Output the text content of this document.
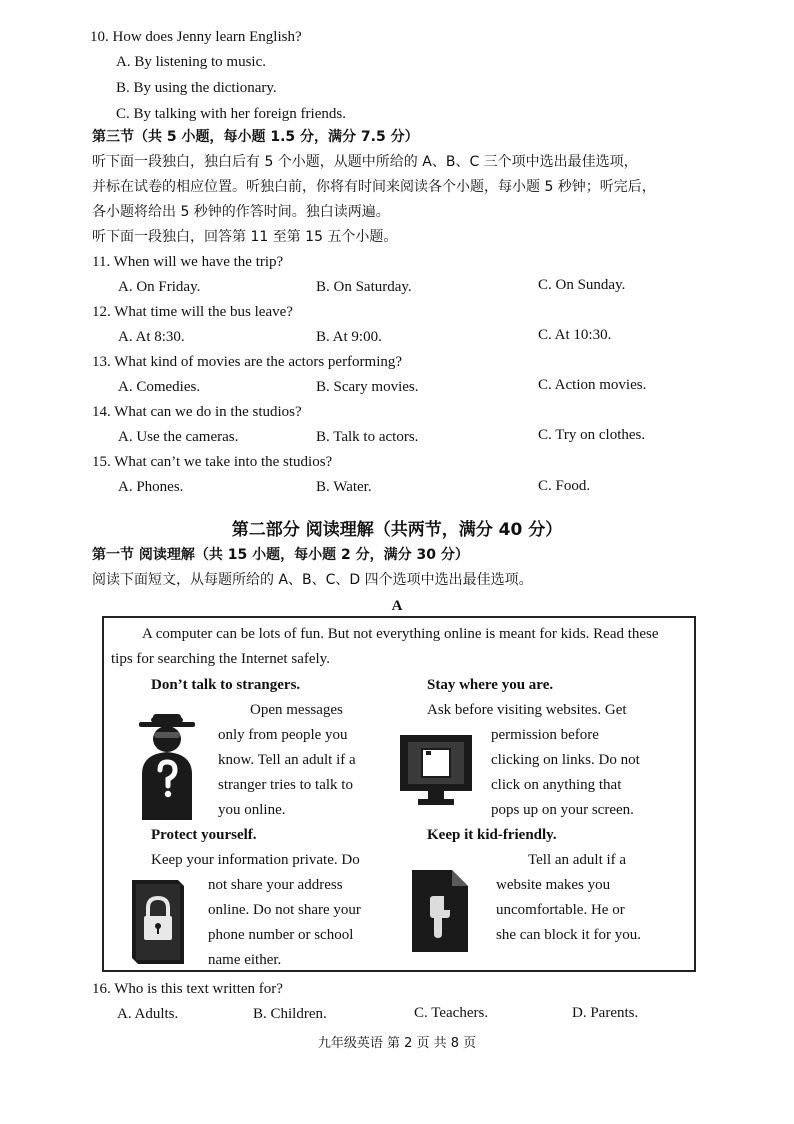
10. How does Jenny learn English?
A. By listening to music.
B. By using the dictionary.
C. By talking with her foreign friends.
第三节（共 5 小题，每小题 1.5 分，满分 7.5 分）
听下面一段独白，独白后有 5 个小题，从题中所给的 A、B、C 三个项中选出最佳选项，
并标在试卷的相应位置。听独白前，你将有时间来阅读各个小题，每小题 5 秒钟；听完后，
各小题将给出 5 秒钟的作答时间。独白读两遍。
听下面一段独白，回答第 11 至第 15 五个小题。
11. When will we have the trip?
A. On Friday.	B. On Saturday.	C. On Sunday.
12. What time will the bus leave?
A. At 8:30.	B. At 9:00.	C. At 10:30.
13. What kind of movies are the actors performing?
A. Comedies.	B. Scary movies.	C. Action movies.
14. What can we do in the studios?
A. Use the cameras.	B. Talk to actors.	C. Try on clothes.
15. What can’t we take into the studios?
A. Phones.	B. Water.	C. Food.
第二部分 阅读理解（共两节，满分 40 分）
第一节 阅读理解（共 15 小题，每小题 2 分，满分 30 分）
阅读下面短文，从每题所给的 A、B、C、D 四个选项中选出最佳选项。
A
A computer can be lots of fun. But not everything online is meant for kids. Read these
tips for searching the Internet safely.
Don’t talk to strangers.
Open messages
only from people you
know. Tell an adult if a
stranger tries to talk to
you online.
Stay where you are.
Ask before visiting websites. Get
permission before
clicking on links. Do not
click on anything that
pops up on your screen.
Protect yourself.
Keep your information private. Do
not share your address
online. Do not share your
phone number or school
name either.
Keep it kid-friendly.
Tell an adult if a
website makes you
uncomfortable. He or
she can block it for you.
16. Who is this text written for?
A. Adults.	B. Children.	C. Teachers.	D. Parents.
九年级英语 第 2 页 共 8 页
